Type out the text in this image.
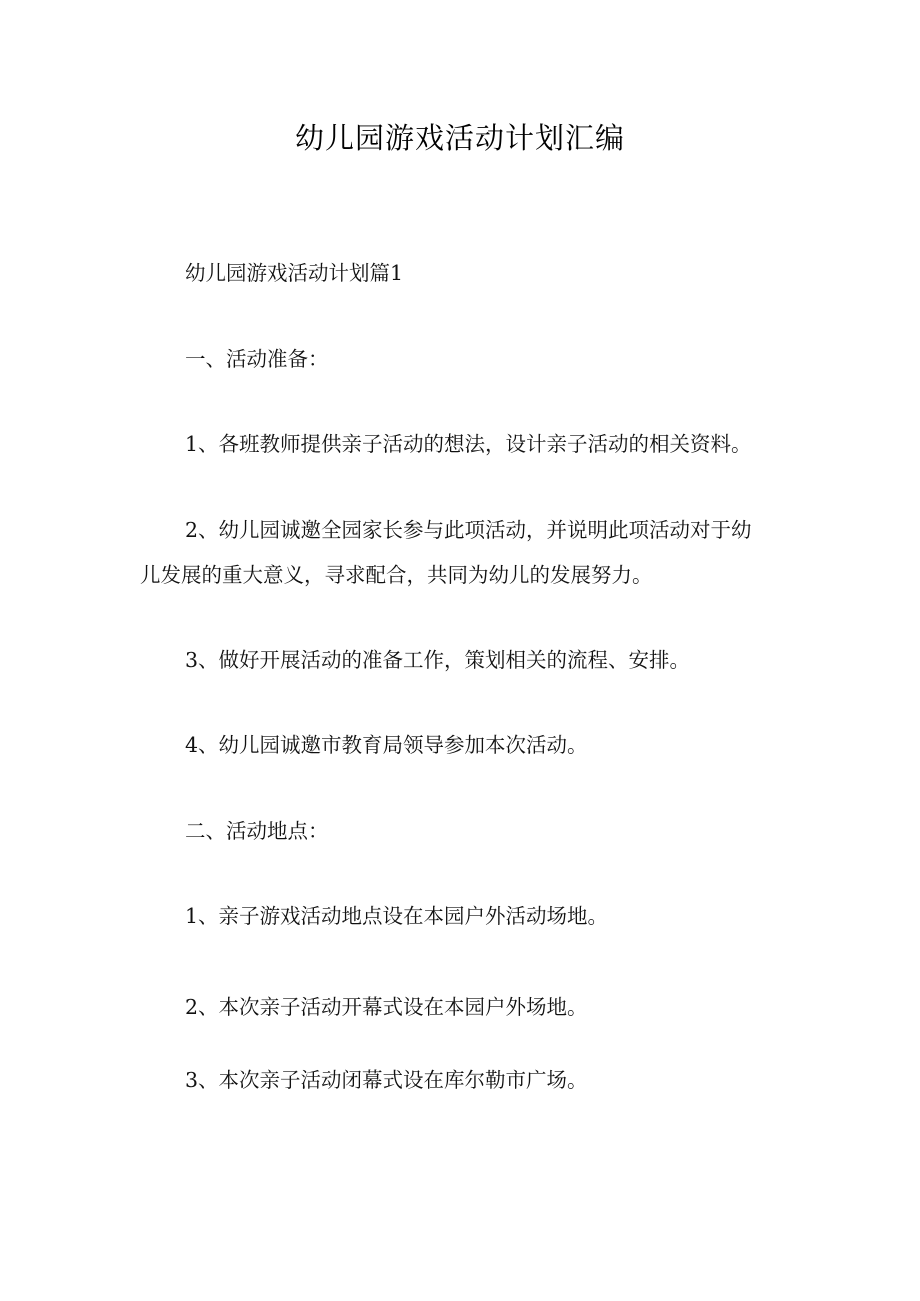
幼儿园游戏活动计划汇编
幼儿园游戏活动计划篇1
一、活动准备：
1、各班教师提供亲子活动的想法，设计亲子活动的相关资料。
2、幼儿园诚邀全园家长参与此项活动，并说明此项活动对于幼
儿发展的重大意义，寻求配合，共同为幼儿的发展努力。
3、做好开展活动的准备工作，策划相关的流程、安排。
4、幼儿园诚邀市教育局领导参加本次活动。
二、活动地点：
1、亲子游戏活动地点设在本园户外活动场地。
2、本次亲子活动开幕式设在本园户外场地。
3、本次亲子活动闭幕式设在库尔勒市广场。
